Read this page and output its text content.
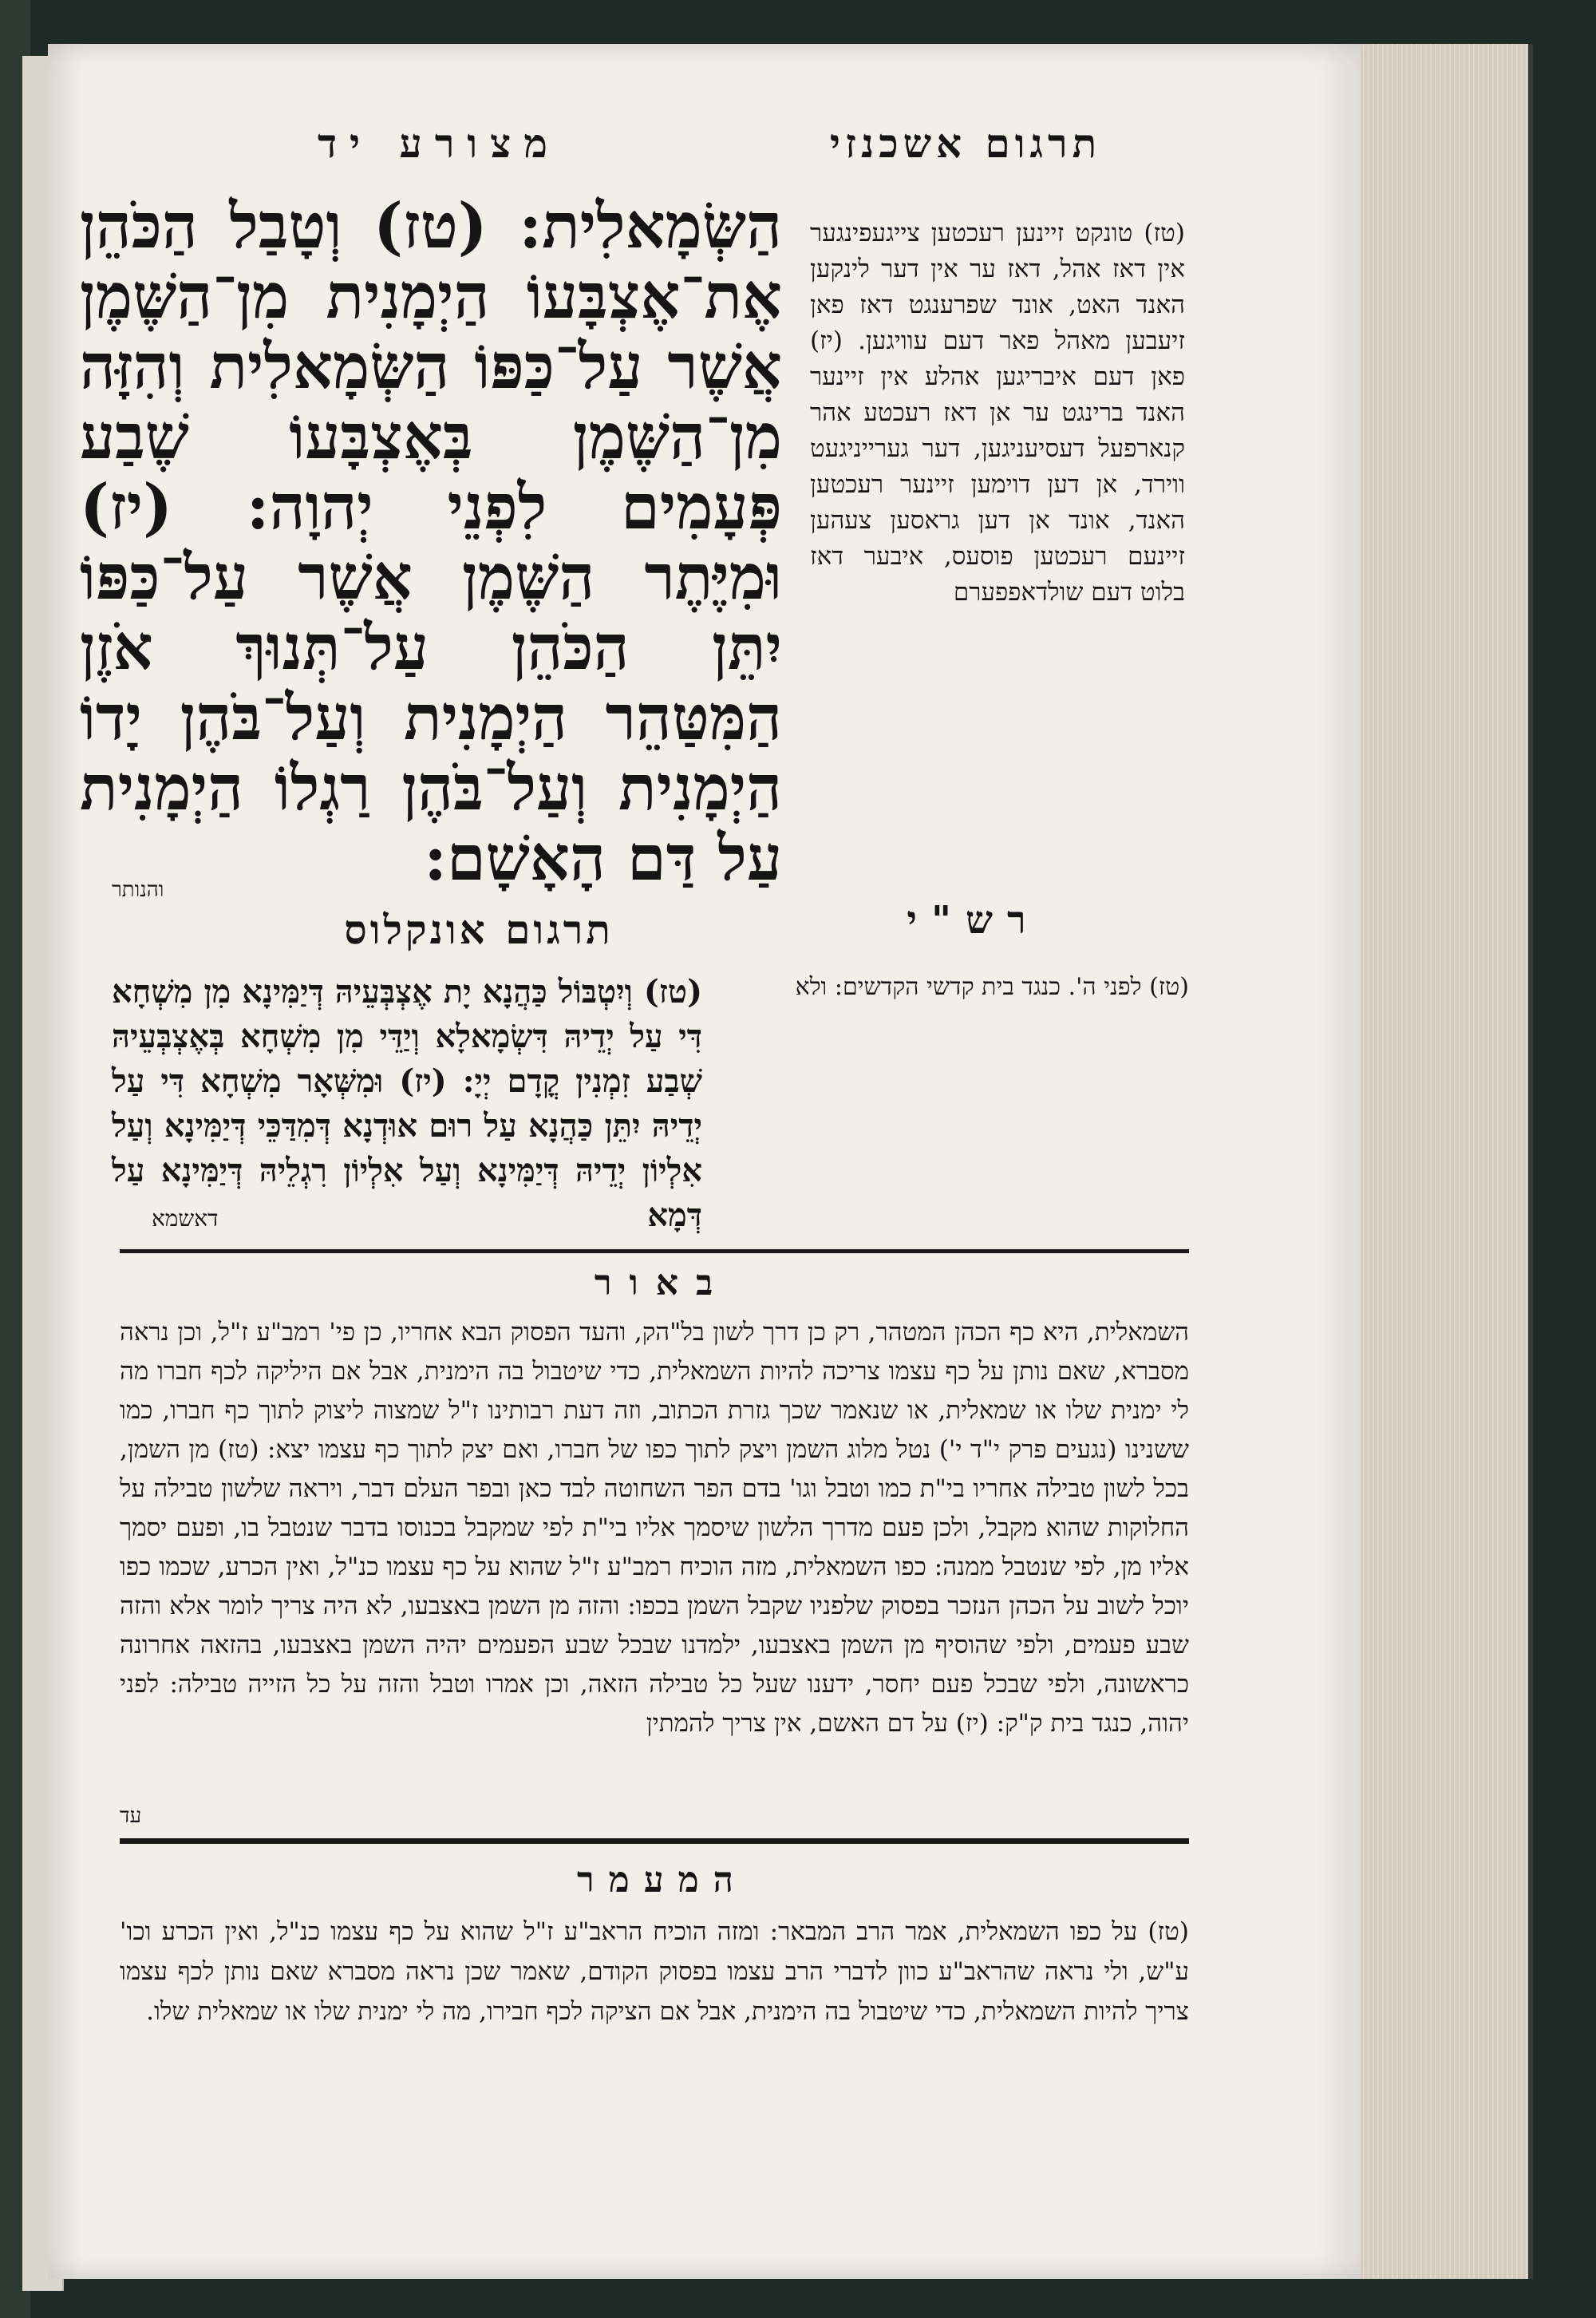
תרגום אשכנזי
מצורע יד
הַשְּׂמָאלִית: (טז) וְטָבַל הַכֹּהֵן אֶת־אֶצְבָּעוֹ הַיְמָנִית מִן־הַשֶּׁמֶן אֲשֶׁר עַל־כַּפּוֹ הַשְּׂמָאלִית וְהִזָּה מִן־הַשֶּׁמֶן בְּאֶצְבָּעוֹ שֶׁבַע פְּעָמִים לִפְנֵי יְהוָה: (יז) וּמִיֶּתֶר הַשֶּׁמֶן אֲשֶׁר עַל־כַּפּוֹ יִתֵּן הַכֹּהֵן עַל־תְּנוּךְ אֹזֶן הַמִּטַּהֵר הַיְמָנִית וְעַל־בֹּהֶן יָדוֹ הַיְמָנִית וְעַל־בֹּהֶן רַגְלוֹ הַיְמָנִית עַל דַּם הָאָשָׁם:
(טז) טונקט זיינען רעכטען צייגעפינגער אין דאז אהל, דאז ער אין דער לינקען האנד האט, אונד שפרענגט דאז פאן זיעבען מאהל פאר דעם עוויגען. (יז) פאן דעם איבריגען אהלע אין זיינער האנד ברינגט ער אן דאז רעכטע אהר קנארפעל דעסיעניגען, דער גערייניגעט ווירד, אן דען דוימען זיינער רעכטען האנד, אונד אן דען גראסען צעהען זיינעם רעכטען פוסעס, איבער דאז בלוט דעם שולדאפפערם
והנותר
תרגום אונקלוס	רש"י
(טז) לפני ה'. כנגד בית קדשי הקדשים: ולא
(טז) וְיִטְבּוֹל כַּהֲנָא יָת אֶצְבְּעֵיהּ דְּיַמִּינָא מִן מִשְׁחָא דִּי עַל יְדֵיהּ דִּשְׂמָאלָא וְיַדֵּי מִן מִשְׁחָא בְּאֶצְבְּעֵיהּ שְׁבַע זִמְנִין קֳדָם יְיָ: (יז) וּמִשְּׁאָר מִשְׁחָא דִּי עַל יְדֵיהּ יִתֵּן כַּהֲנָא עַל רוּם אוּדְנָא דְּמִדַּכֵּי דְּיַמִּינָא וְעַל אִלְיוֹן יְדֵיהּ דְּיַמִּינָא וְעַל אִלְיוֹן רִגְלֵיהּ דְּיַמִּינָא עַל דְּמָא
דאשמא
באור
השמאלית, היא כף הכהן המטהר, רק כן דרך לשון בל"הק, והעד הפסוק הבא אחריו, כן פי' רמב"ע ז"ל, וכן נראה מסברא, שאם נותן על כף עצמו צריכה להיות השמאלית, כדי שיטבול בה הימנית, אבל אם היליקה לכף חברו מה לי ימנית שלו או שמאלית, או שנאמר שכך גזרת הכתוב, וזה דעת רבותינו ז"ל שמצוה ליצוק לתוך כף חברו, כמו ששנינו (נגעים פרק י"ד י') נטל מלוג השמן ויצק לתוך כפו של חברו, ואם יצק לתוך כף עצמו יצא: (טז) מן השמן, בכל לשון טבילה אחריו בי"ת כמו וטבל וגו' בדם הפר השחוטה לבד כאן ובפר העלם דבר, ויראה שלשון טבילה על החלוקות שהוא מקבל, ולכן פעם מדרך הלשון שיסמך אליו בי"ת לפי שמקבל בכנוסו בדבר שנטבל בו, ופעם יסמך אליו מן, לפי שנטבל ממנה: כפו השמאלית, מזה הוכיח רמב"ע ז"ל שהוא על כף עצמו כנ"ל, ואין הכרע, שכמו כפו יוכל לשוב על הכהן הנזכר בפסוק שלפניו שקבל השמן בכפו: והזה מן השמן באצבעו, לא היה צריך לומר אלא והזה שבע פעמים, ולפי שהוסיף מן השמן באצבעו, ילמדנו שבכל שבע הפעמים יהיה השמן באצבעו, בהזאה אחרונה כראשונה, ולפי שבכל פעם יחסר, ידענו שעל כל טבילה הזאה, וכן אמרו וטבל והזה על כל הזייה טבילה: לפני יהוה, כנגד בית ק"ק: (יז) על דם האשם, אין צריך להמתין
עד
המעמר
(טז) על כפו השמאלית, אמר הרב המבאר: ומזה הוכיח הראב"ע ז"ל שהוא על כף עצמו כנ"ל, ואין הכרע וכו' ע"ש, ולי נראה שהראב"ע כוון לדברי הרב עצמו בפסוק הקודם, שאמר שכן נראה מסברא שאם נותן לכף עצמו צריך להיות השמאלית, כדי שיטבול בה הימנית, אבל אם הציקה לכף חבירו, מה לי ימנית שלו או שמאלית שלו.
